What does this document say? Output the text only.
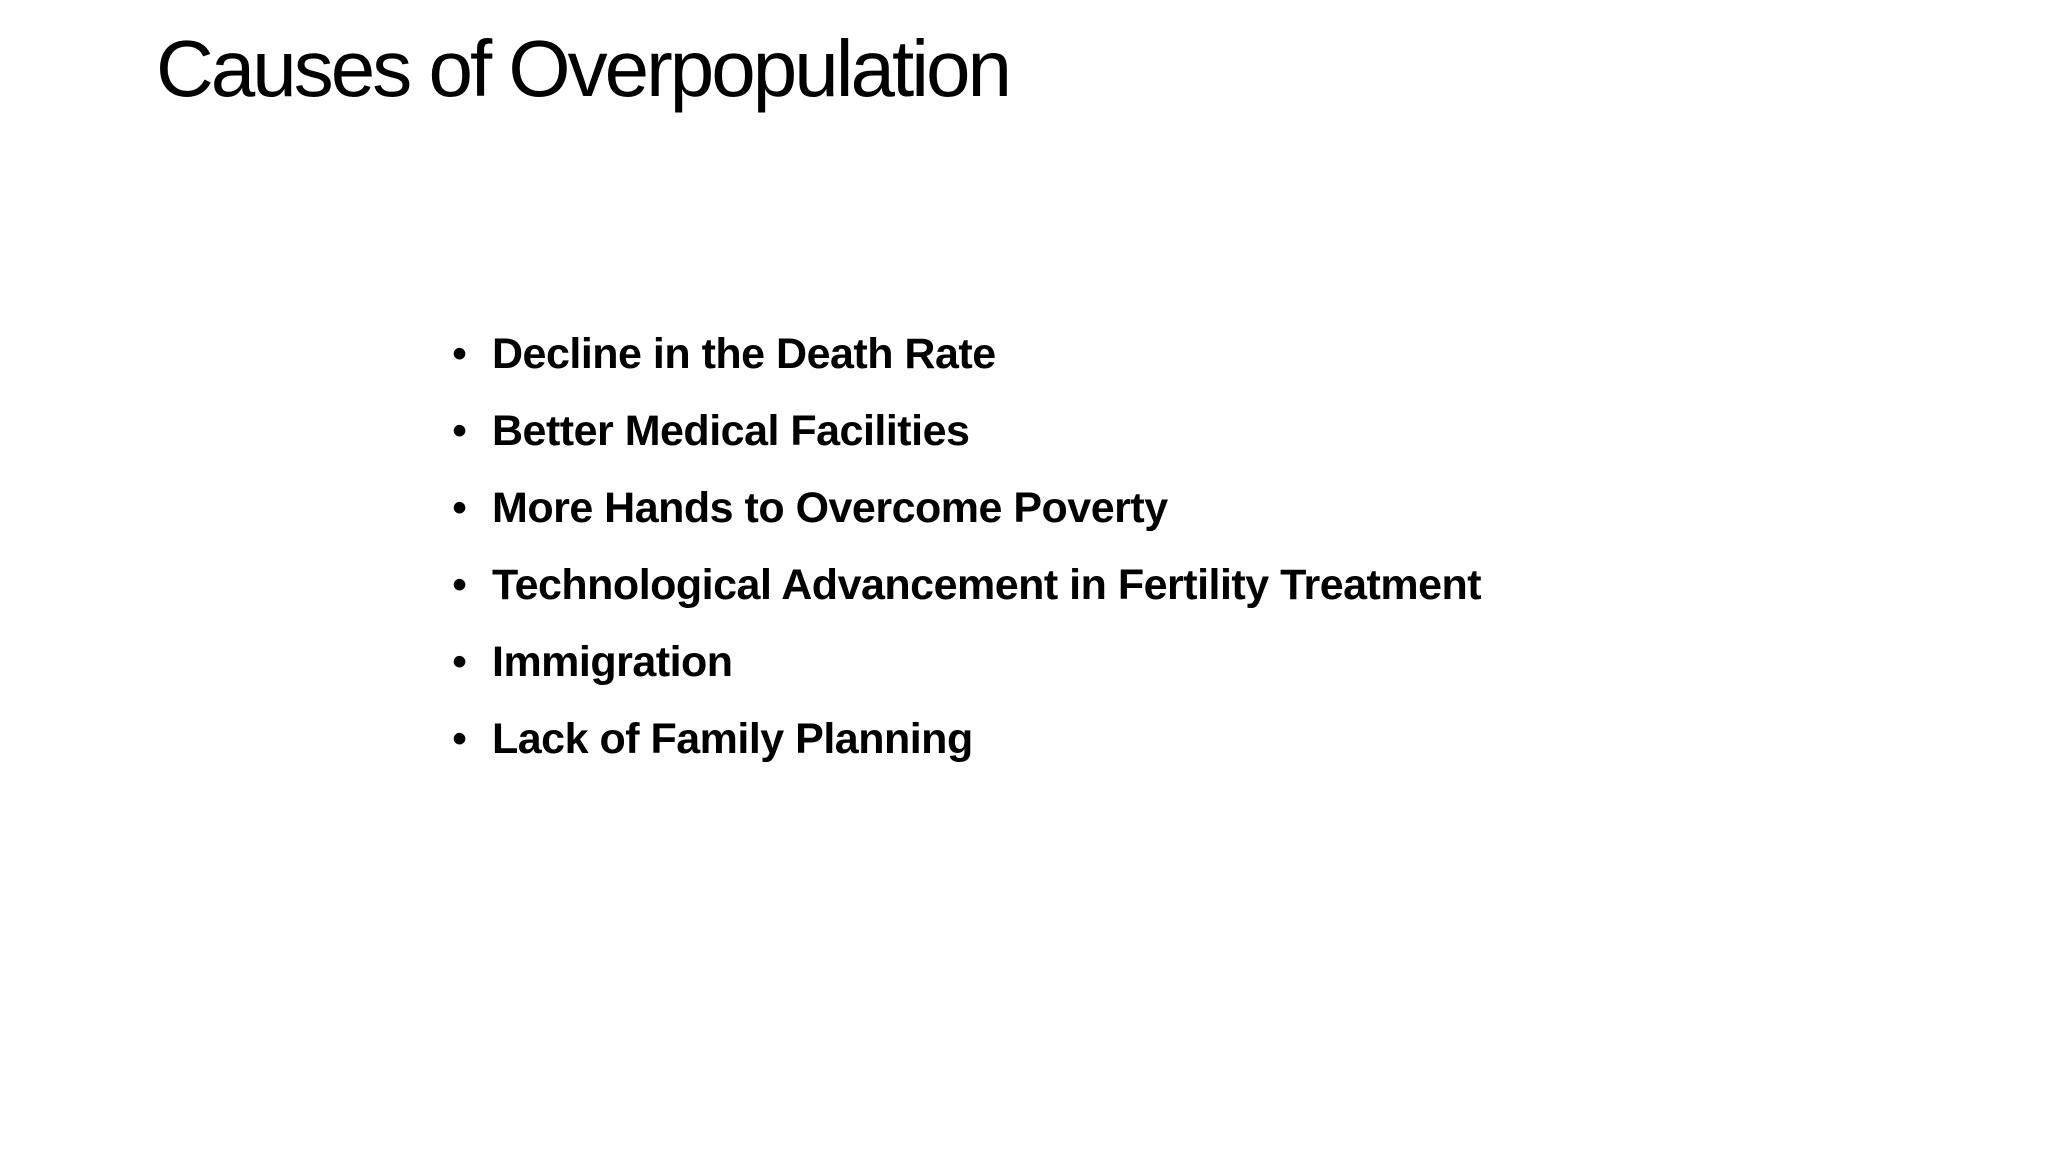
Causes of Overpopulation
• Decline in the Death Rate
• Better Medical Facilities
• More Hands to Overcome Poverty
• Technological Advancement in Fertility Treatment
• Immigration
• Lack of Family Planning
